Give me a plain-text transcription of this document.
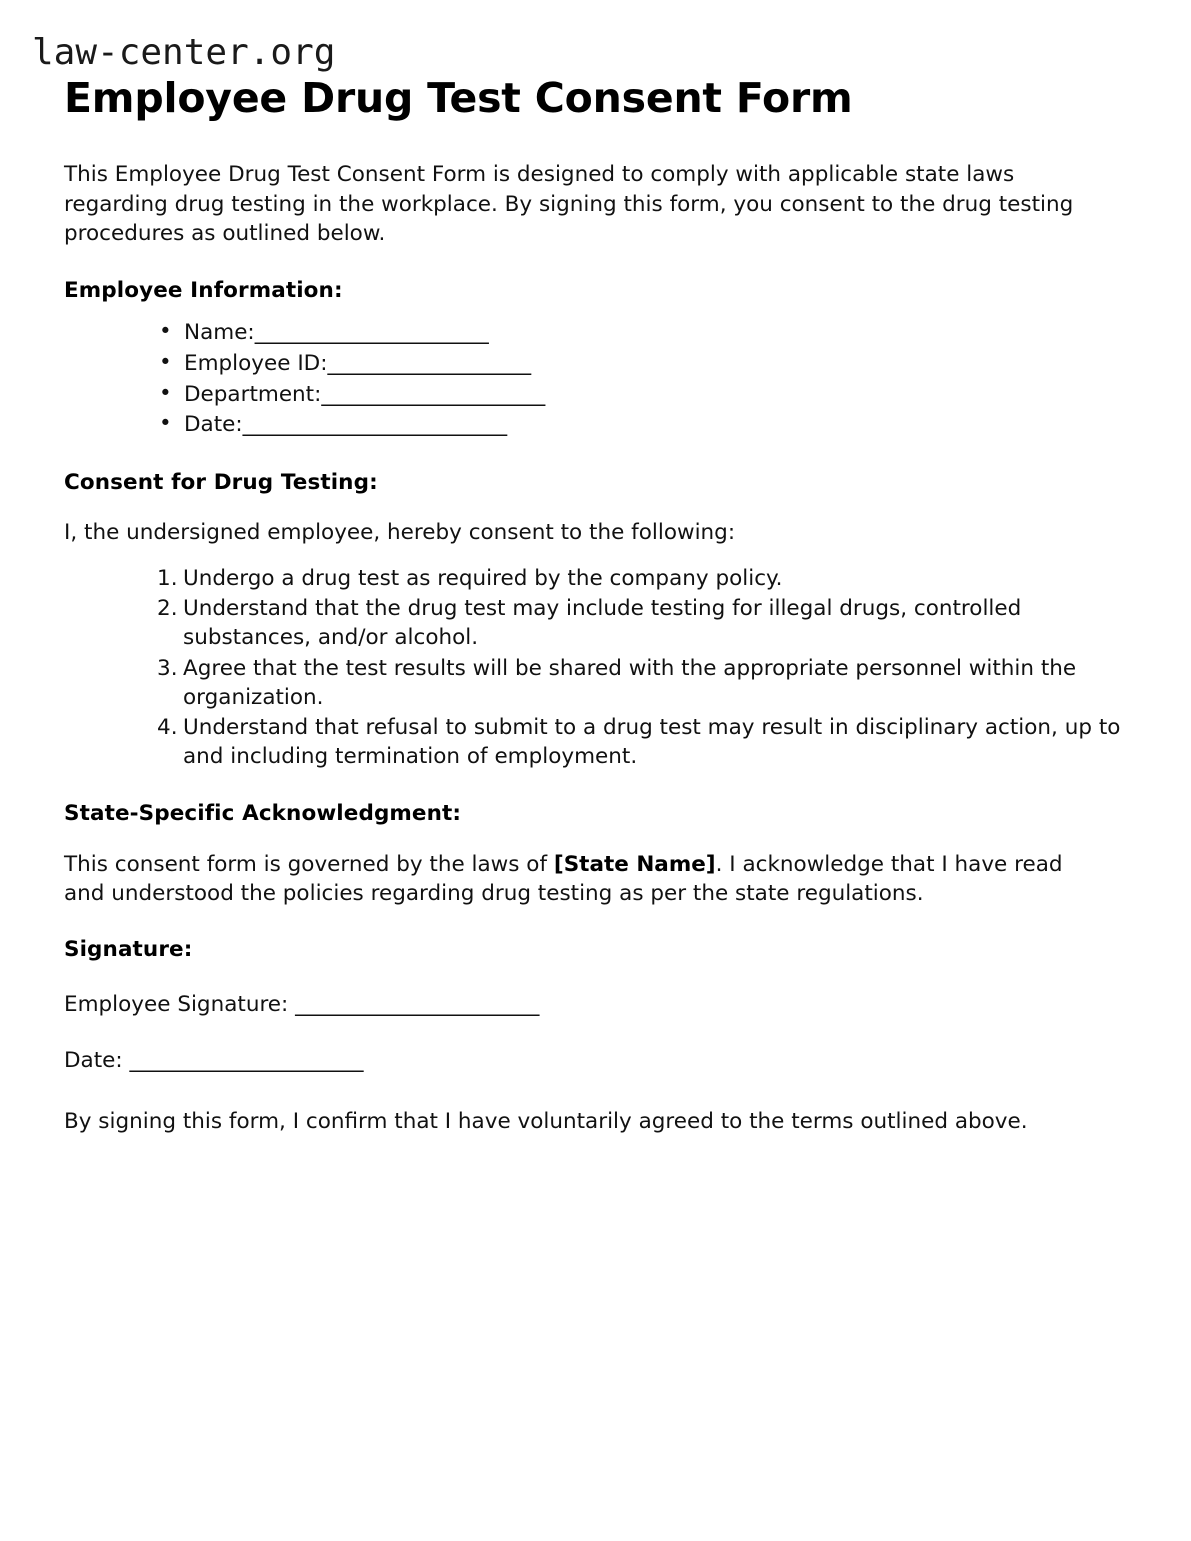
law-center.org
Employee Drug Test Consent Form

This Employee Drug Test Consent Form is designed to comply with applicable state laws regarding drug testing in the workplace. By signing this form, you consent to the drug testing procedures as outlined below.

Employee Information:
• Name:_______________________
• Employee ID:____________________
• Department:______________________
• Date:__________________________
Consent for Drug Testing:

I, the undersigned employee, hereby consent to the following:

Undergo a drug test as required by the company policy.
Understand that the drug test may include testing for illegal drugs, controlled substances, and/or alcohol.
Agree that the test results will be shared with the appropriate personnel within the organization.
Understand that refusal to submit to a drug test may result in disciplinary action, up to and including termination of employment.
State-Specific Acknowledgment:

This consent form is governed by the laws of [State Name]. I acknowledge that I have read and understood the policies regarding drug testing as per the state regulations.

Signature:
Employee Signature: ________________________
Date: _______________________

By signing this form, I confirm that I have voluntarily agreed to the terms outlined above.
